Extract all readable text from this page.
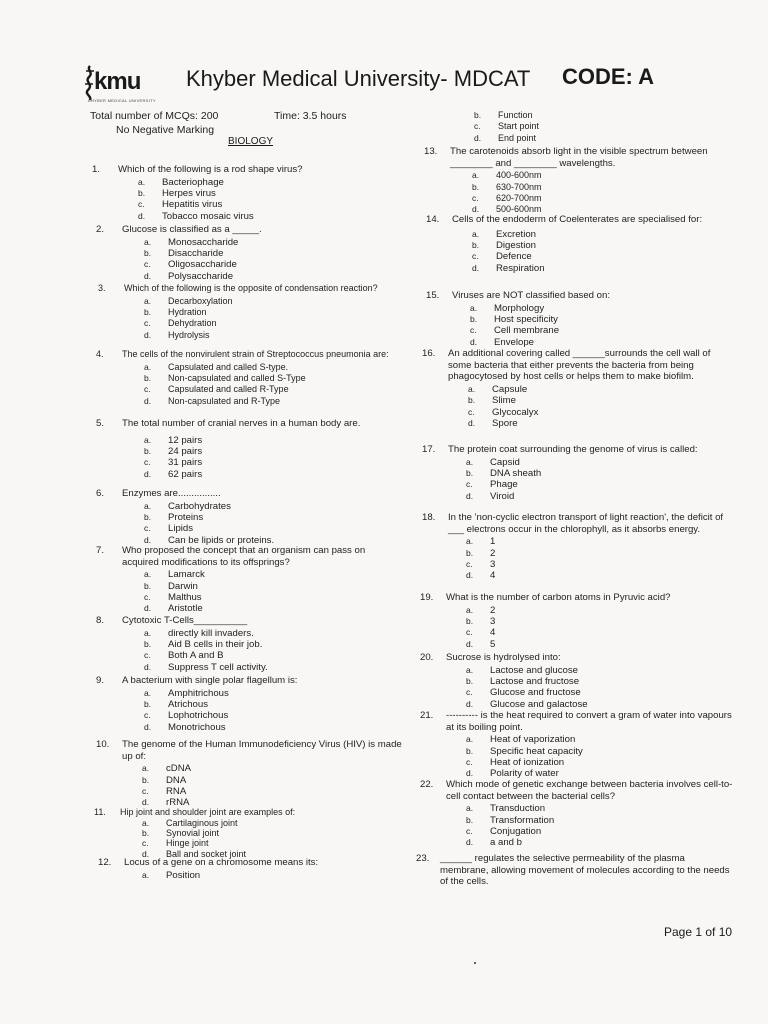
kmu
KHYBER MEDICAL UNIVERSITY
Khyber Medical University- MDCAT CODE: A
Total number of MCQs: 200	Time: 3.5 hours
No Negative Marking
BIOLOGY
1. Which of the following is a rod shape virus?
a. Bacteriophage
b. Herpes virus
c. Hepatitis virus
d. Tobacco mosaic virus
2. Glucose is classified as a _____.
a. Monosaccharide
b. Disaccharide
c. Oligosaccharide
d. Polysaccharide
3. Which of the following is the opposite of condensation reaction?
a. Decarboxylation
b. Hydration
c. Dehydration
d. Hydrolysis
4. The cells of the nonvirulent strain of Streptococcus pneumonia are:
a. Capsulated and called S-type.
b. Non-capsulated and called S-Type
c. Capsulated and called R-Type
d. Non-capsulated and R-Type
5. The total number of cranial nerves in a human body are.
a. 12 pairs
b. 24 pairs
c. 31 pairs
d. 62 pairs
6. Enzymes are................
a. Carbohydrates
b. Proteins
c. Lipids
d. Can be lipids or proteins.
7. Who proposed the concept that an organism can pass on acquired modifications to its offsprings?
a. Lamarck
b. Darwin
c. Malthus
d. Aristotle
8. Cytotoxic T-Cells__________
a. directly kill invaders.
b. Aid B cells in their job.
c. Both A and B
d. Suppress T cell activity.
9. A bacterium with single polar flagellum is:
a. Amphitrichous
b. Atrichous
c. Lophotrichous
d. Monotrichous
10. The genome of the Human Immunodeficiency Virus (HIV) is made up of:
a. cDNA
b. DNA
c. RNA
d. rRNA
11. Hip joint and shoulder joint are examples of:
a. Cartilaginous joint
b. Synovial joint
c. Hinge joint
d. Ball and socket joint
12. Locus of a gene on a chromosome means its:
a. Position
b. Function
c. Start point
d. End point
13. The carotenoids absorb light in the visible spectrum between ________ and ________ wavelengths.
a. 400-600nm
b. 630-700nm
c. 620-700nm
d. 500-600nm
14. Cells of the endoderm of Coelenterates are specialised for:
a. Excretion
b. Digestion
c. Defence
d. Respiration
15. Viruses are NOT classified based on:
a. Morphology
b. Host specificity
c. Cell membrane
d. Envelope
16. An additional covering called ______surrounds the cell wall of some bacteria that either prevents the bacteria from being phagocytosed by host cells or helps them to make biofilm.
a. Capsule
b. Slime
c. Glycocalyx
d. Spore
17. The protein coat surrounding the genome of virus is called:
a. Capsid
b. DNA sheath
c. Phage
d. Viroid
18. In the 'non-cyclic electron transport of light reaction', the deficit of ___ electrons occur in the chlorophyll, as it absorbs energy.
a. 1
b. 2
c. 3
d. 4
19. What is the number of carbon atoms in Pyruvic acid?
a. 2
b. 3
c. 4
d. 5
20. Sucrose is hydrolysed into:
a. Lactose and glucose
b. Lactose and fructose
c. Glucose and fructose
d. Glucose and galactose
21. ---------- is the heat required to convert a gram of water into vapours at its boiling point.
a. Heat of vaporization
b. Specific heat capacity
c. Heat of ionization
d. Polarity of water
22. Which mode of genetic exchange between bacteria involves cell-to-cell contact between the bacterial cells?
a. Transduction
b. Transformation
c. Conjugation
d. a and b
23. ______ regulates the selective permeability of the plasma membrane, allowing movement of molecules according to the needs of the cells.
Page 1 of 10
